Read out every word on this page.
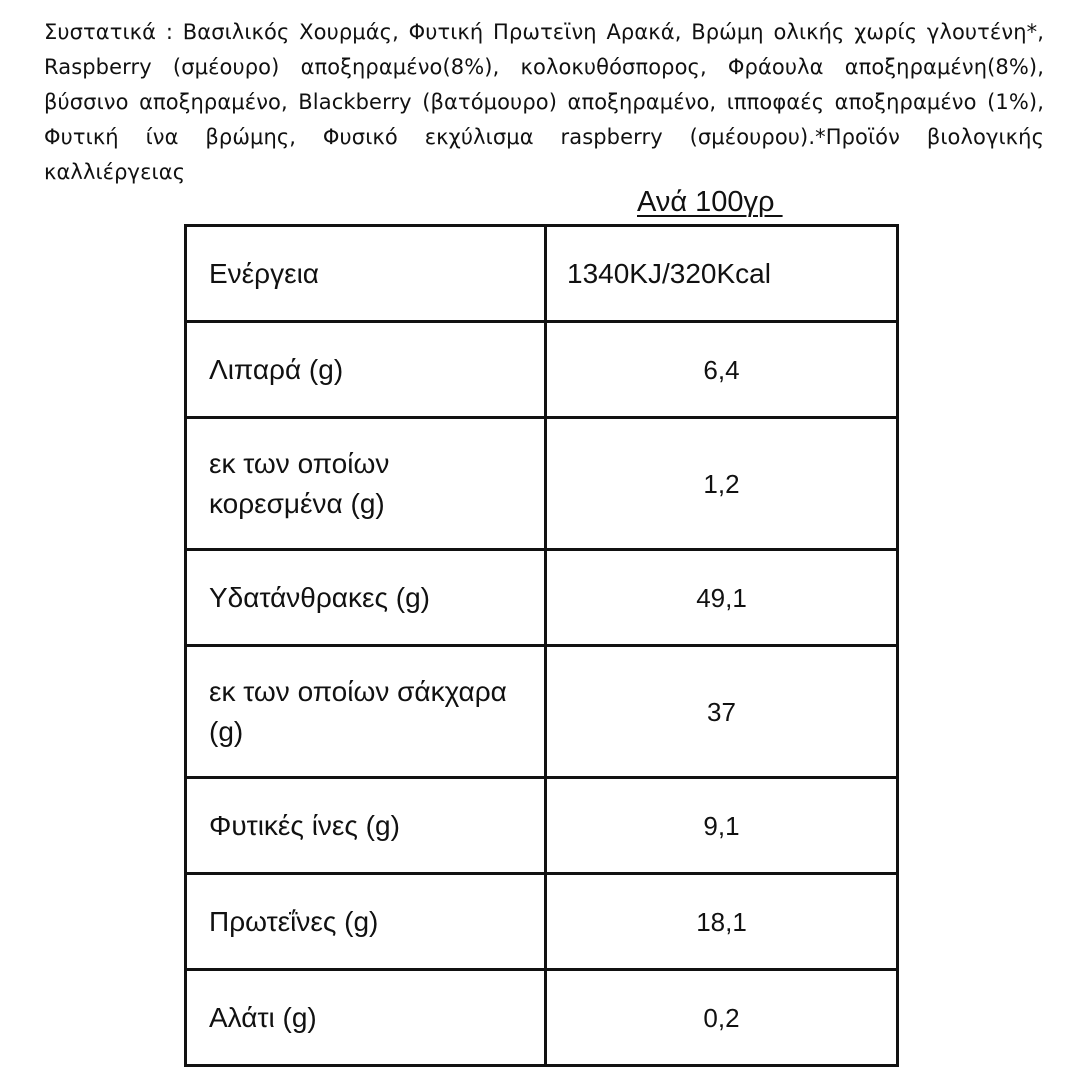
Συστατικά : Βασιλικός Χουρμάς, Φυτική Πρωτεϊνη Αρακά, Βρώμη ολικής χωρίς γλουτένη*, Raspberry (σμέουρο) αποξηραμένο(8%), κολοκυθόσπορος, Φράουλα αποξηραμένη(8%), βύσσινο αποξηραμένο, Blackberry (βατόμουρο) αποξηραμένο, ιπποφαές αποξηραμένο (1%), Φυτική ίνα βρώμης, Φυσικό εκχύλισμα raspberry (σμέουρου).*Προϊόν βιολογικής καλλιέργειας
Ανά 100γρ
Ενέργεια	1340KJ/320Kcal
Λιπαρά (g)	6,4
εκ των οποίων κορεσμένα (g)	1,2
Υδατάνθρακες (g)	49,1
εκ των οποίων σάκχαρα (g)	37
Φυτικές ίνες (g)	9,1
Πρωτεΐνες (g)	18,1
Αλάτι (g)	0,2
